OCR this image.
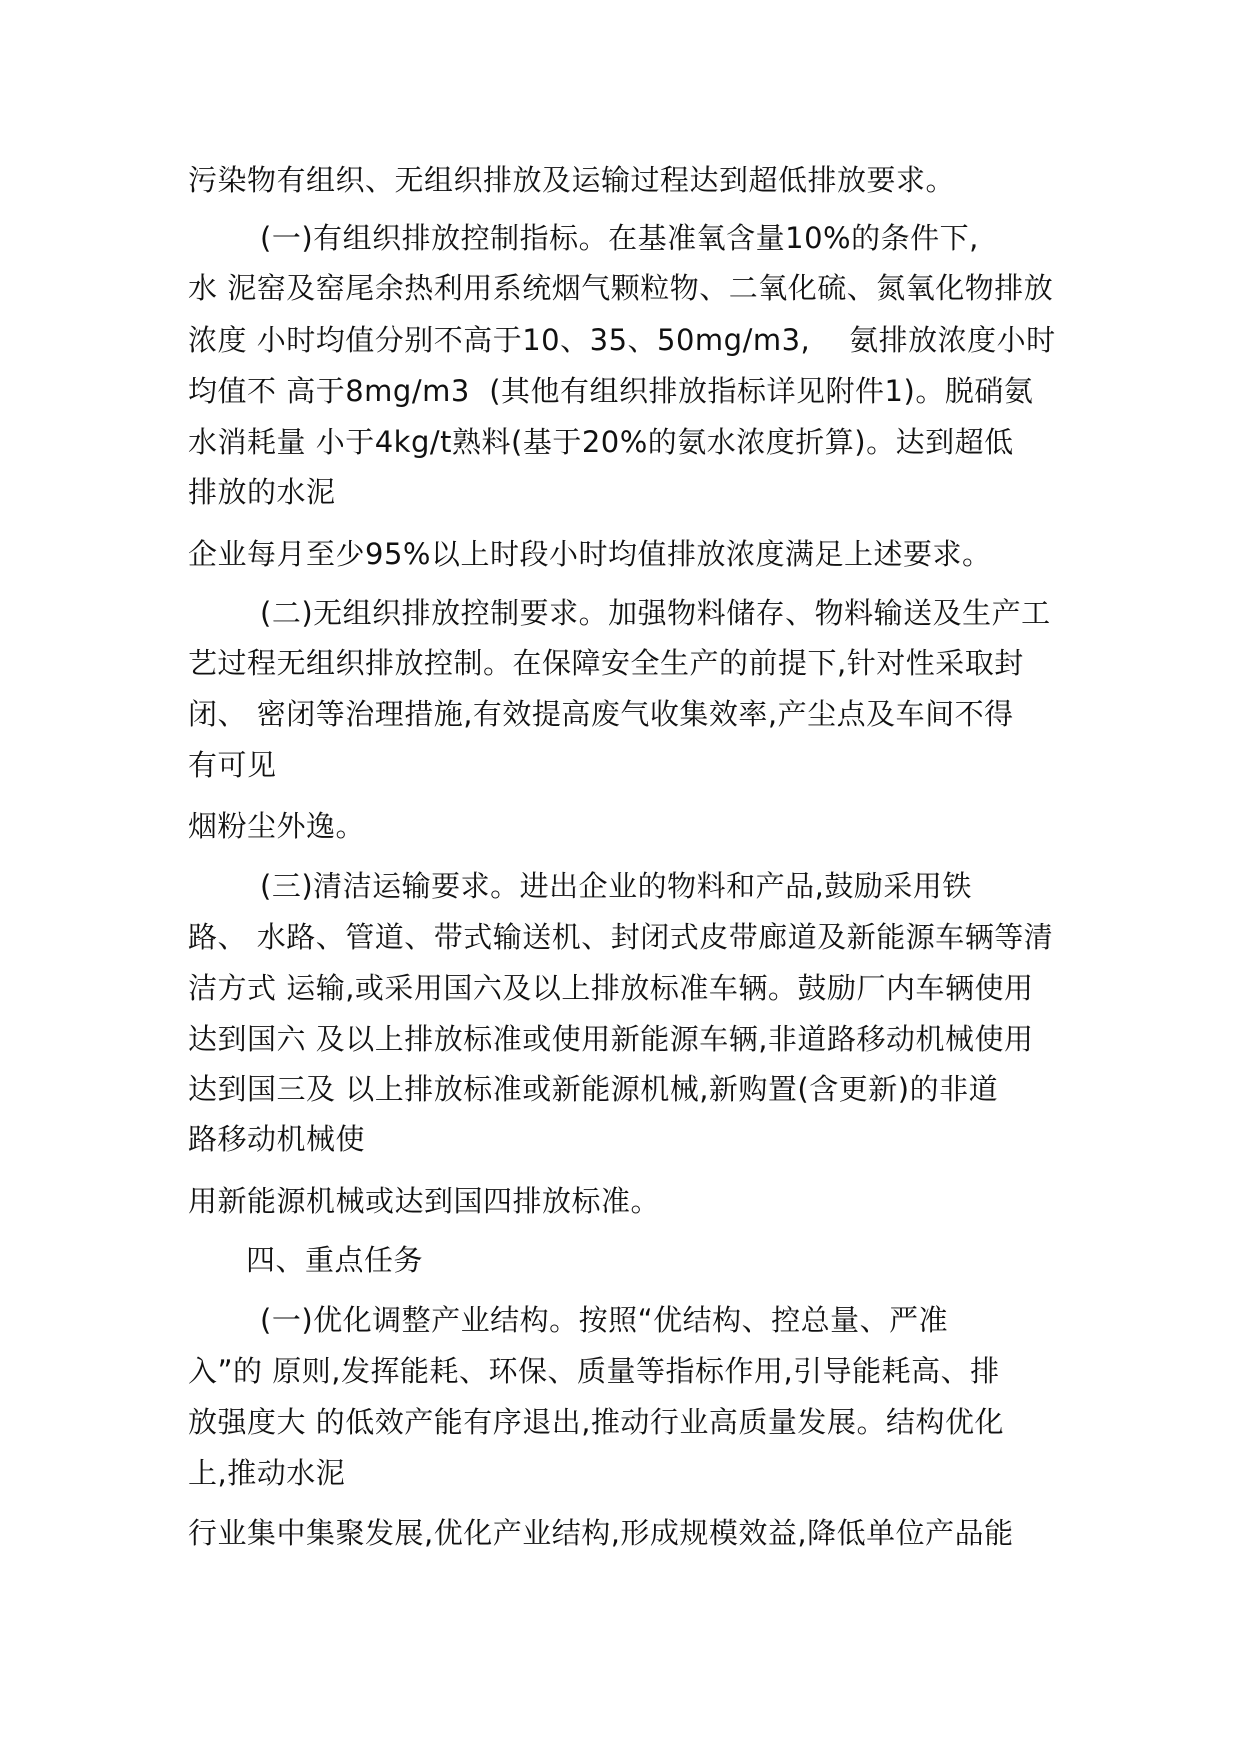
污染物有组织、无组织排放及运输过程达到超低排放要求。
(一)有组织排放控制指标。在基准氧含量10%的条件下,
水 泥窑及窑尾余热利用系统烟气颗粒物、二氧化硫、氮氧化物排放
浓度 小时均值分别不高于10、35、50mg/m3,    氨排放浓度小时
均值不 高于8mg/m3  (其他有组织排放指标详见附件1)。脱硝氨
水消耗量 小于4kg/t熟料(基于20%的氨水浓度折算)。达到超低
排放的水泥
企业每月至少95%以上时段小时均值排放浓度满足上述要求。
(二)无组织排放控制要求。加强物料储存、物料输送及生产工
艺过程无组织排放控制。在保障安全生产的前提下,针对性采取封
闭、 密闭等治理措施,有效提高废气收集效率,产尘点及车间不得
有可见
烟粉尘外逸。
(三)清洁运输要求。进出企业的物料和产品,鼓励采用铁
路、 水路、管道、带式输送机、封闭式皮带廊道及新能源车辆等清
洁方式 运输,或采用国六及以上排放标准车辆。鼓励厂内车辆使用
达到国六 及以上排放标准或使用新能源车辆,非道路移动机械使用
达到国三及 以上排放标准或新能源机械,新购置(含更新)的非道
路移动机械使
用新能源机械或达到国四排放标准。
四、重点任务
(一)优化调整产业结构。按照“优结构、控总量、严准
入”的 原则,发挥能耗、环保、质量等指标作用,引导能耗高、排
放强度大 的低效产能有序退出,推动行业高质量发展。结构优化
上,推动水泥
行业集中集聚发展,优化产业结构,形成规模效益,降低单位产品能
